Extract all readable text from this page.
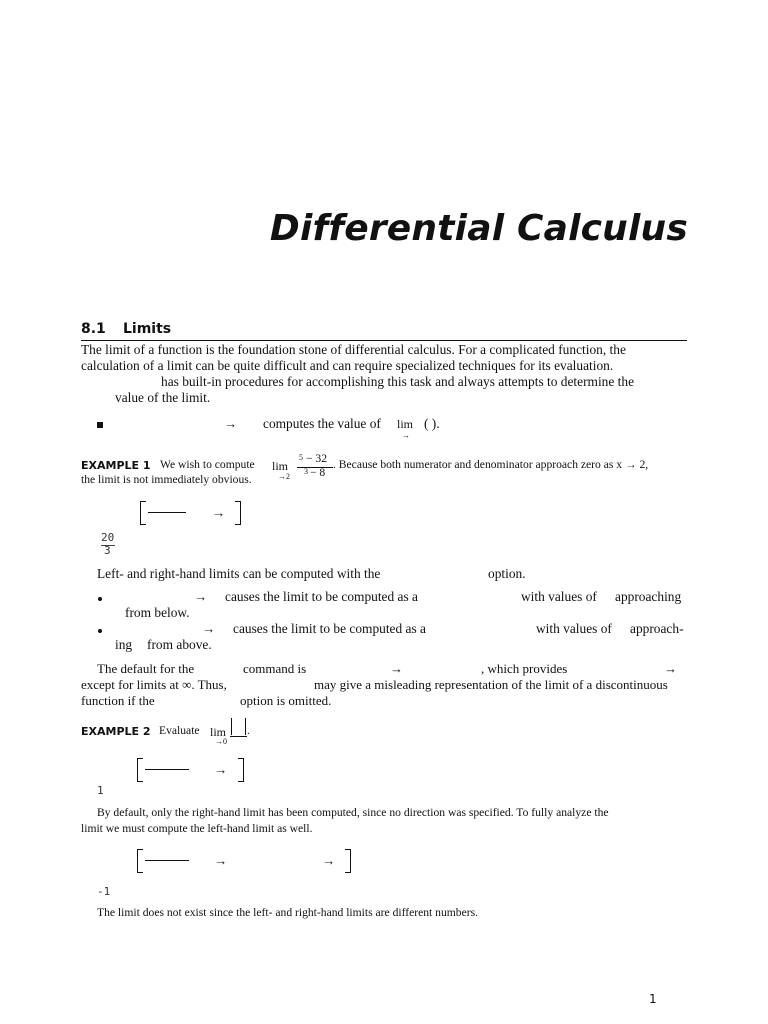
Differential Calculus
8.1 Limits
The limit of a function is the foundation stone of differential calculus. For a complicated function, the
calculation of a limit can be quite difficult and can require specialized techniques for its evaluation.
has built-in procedures for accomplishing this task and always attempts to determine the
value of the limit.
→ computes the value of lim
→
( ).
EXAMPLE 1 We wish to compute lim
→2
5 − 32
3 − 8
. Because both numerator and denominator approach zero as x → 2,
the limit is not immediately obvious.
→
20
3
Left- and right-hand limits can be computed with the	option.
→ causes the limit to be computed as a	with values of approaching
from below.
→ causes the limit to be computed as a	with values of approach-
ing from above.
The default for the	command is	→	, which provides	→
except for limits at ∞. Thus,	may give a misleading representation of the limit of a discontinuous
function if the	option is omitted.
EXAMPLE 2 Evaluate lim
→0
.
→
1
By default, only the right-hand limit has been computed, since no direction was specified. To fully analyze the
limit we must compute the left-hand limit as well.
→	→
-1
The limit does not exist since the left- and right-hand limits are different numbers.
1
